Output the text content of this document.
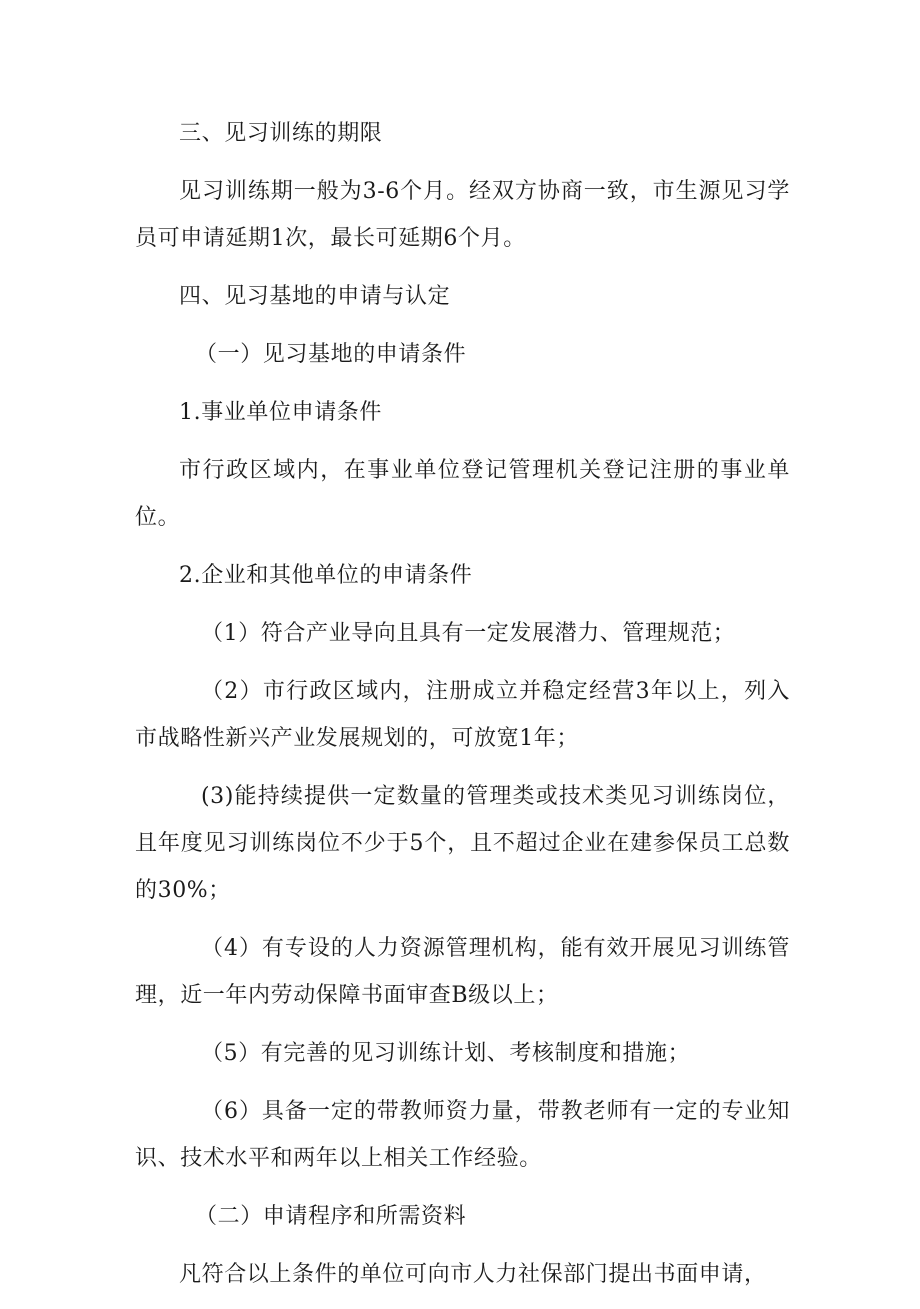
三、见习训练的期限

见习训练期一般为3-6个月。经双方协商一致，市生源见习学员可申请延期1次，最长可延期6个月。

四、见习基地的申请与认定

（一）见习基地的申请条件

1.事业单位申请条件

市行政区域内，在事业单位登记管理机关登记注册的事业单位。

2.企业和其他单位的申请条件

（1）符合产业导向且具有一定发展潜力、管理规范；

（2）市行政区域内，注册成立并稳定经营3年以上，列入市战略性新兴产业发展规划的，可放宽1年；

(3)能持续提供一定数量的管理类或技术类见习训练岗位，且年度见习训练岗位不少于5个，且不超过企业在建参保员工总数的30%；

（4）有专设的人力资源管理机构，能有效开展见习训练管理，近一年内劳动保障书面审查B级以上；

（5）有完善的见习训练计划、考核制度和措施；

（6）具备一定的带教师资力量，带教老师有一定的专业知识、技术水平和两年以上相关工作经验。

（二）申请程序和所需资料

凡符合以上条件的单位可向市人力社保部门提出书面申请，
